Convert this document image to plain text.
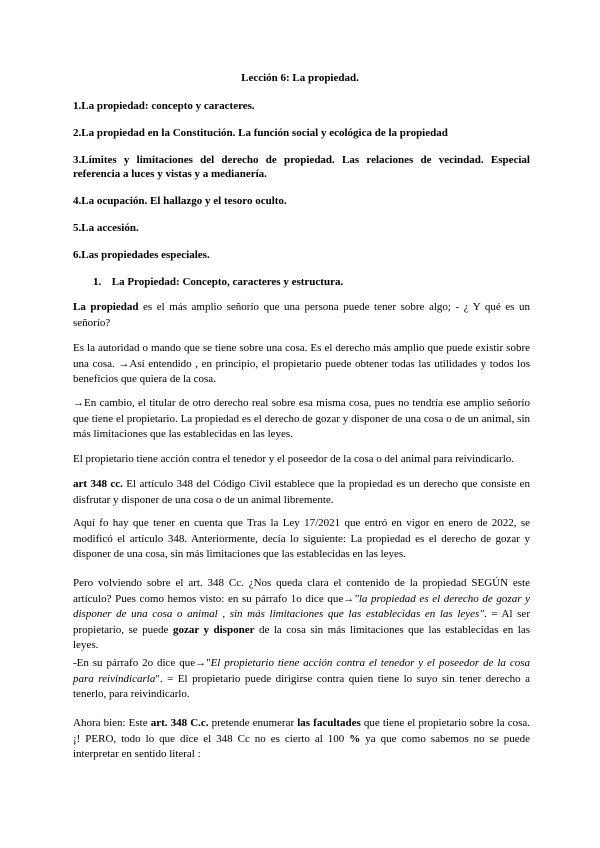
Lección 6: La propiedad.
1.La propiedad: concepto y caracteres.
2.La propiedad en la Constitución. La función social y ecológica de la propiedad
3.Límites y limitaciones del derecho de propiedad. Las relaciones de vecindad. Especial referencia a luces y vistas y a medianería.
4.La ocupación. El hallazgo y el tesoro oculto.
5.La accesión.
6.Las propiedades especiales.
1. La Propiedad: Concepto, caracteres y estructura.
La propiedad es el más amplio señorío que una persona puede tener sobre algo; - ¿ Y qué es un señorío?
Es la autoridad o mando que se tiene sobre una cosa. Es el derecho más amplio que puede existir sobre una cosa. →Así entendido , en principio, el propietario puede obtener todas las utilidades y todos los beneficios que quiera de la cosa.
→En cambio, el titular de otro derecho real sobre esa misma cosa, pues no tendría ese amplio señorío que tiene el propietario. La propiedad es el derecho de gozar y disponer de una cosa o de un animal, sin más limitaciones que las establecidas en las leyes.
El propietario tiene acción contra el tenedor y el poseedor de la cosa o del animal para reivindicarlo.
art 348 cc. El artículo 348 del Código Civil establece que la propiedad es un derecho que consiste en disfrutar y disponer de una cosa o de un animal libremente.
Aquí fo hay que tener en cuenta que Tras la Ley 17/2021 que entró en vigor en enero de 2022, se modificó el artículo 348. Anteriormente, decía lo siguiente: La propiedad es el derecho de gozar y disponer de una cosa, sin más limitaciones que las establecidas en las leyes.
Pero volviendo sobre el art. 348 Cc. ¿Nos queda clara el contenido de la propiedad SEGÚN este artículo? Pues como hemos visto: en su párrafo 1o dice que→"la propiedad es el derecho de gozar y disponer de una cosa o animal , sin más limitaciones que las establecidas en las leyes". = Al ser propietario, se puede gozar y disponer de la cosa sin más limitaciones que las establecidas en las leyes.
-En su párrafo 2o dice que→"El propietario tiene acción contra el tenedor y el poseedor de la cosa para reivindicarla". = El propietario puede dirigirse contra quien tiene lo suyo sin tener derecho a tenerlo, para reivindicarlo.
Ahora bien: Este art. 348 C.c. pretende enumerar las facultades que tiene el propietario sobre la cosa. ¡! PERO, todo lo que dice el 348 Cc no es cierto al 100 % ya que como sabemos no se puede interpretar en sentido literal :
